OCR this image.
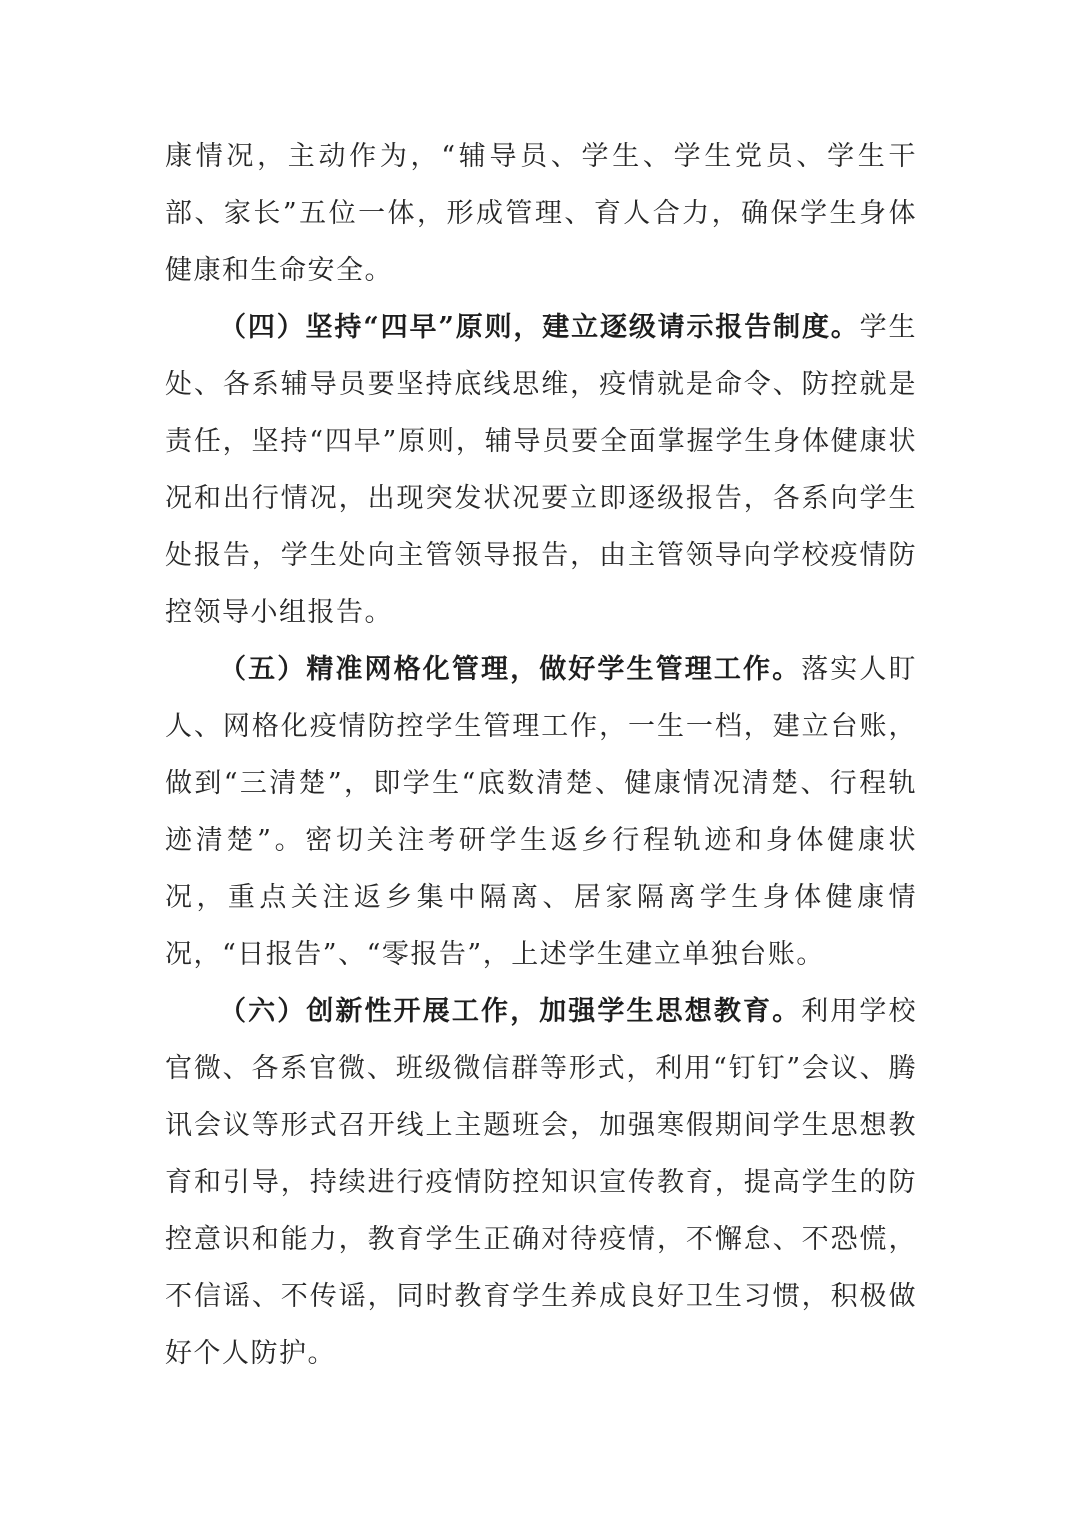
康情况，主动作为，“辅导员、学生、学生党员、学生干部、家长”五位一体，形成管理、育人合力，确保学生身体健康和生命安全。

（四）坚持“四早”原则，建立逐级请示报告制度。学生处、各系辅导员要坚持底线思维，疫情就是命令、防控就是责任，坚持“四早”原则，辅导员要全面掌握学生身体健康状况和出行情况，出现突发状况要立即逐级报告，各系向学生处报告，学生处向主管领导报告，由主管领导向学校疫情防控领导小组报告。

（五）精准网格化管理，做好学生管理工作。落实人盯人、网格化疫情防控学生管理工作，一生一档，建立台账，做到“三清楚”，即学生“底数清楚、健康情况清楚、行程轨迹清楚”。密切关注考研学生返乡行程轨迹和身体健康状况，重点关注返乡集中隔离、居家隔离学生身体健康情况，“日报告”、“零报告”，上述学生建立单独台账。

（六）创新性开展工作，加强学生思想教育。利用学校官微、各系官微、班级微信群等形式，利用“钉钉”会议、腾讯会议等形式召开线上主题班会，加强寒假期间学生思想教育和引导，持续进行疫情防控知识宣传教育，提高学生的防控意识和能力，教育学生正确对待疫情，不懈怠、不恐慌，不信谣、不传谣，同时教育学生养成良好卫生习惯，积极做好个人防护。
